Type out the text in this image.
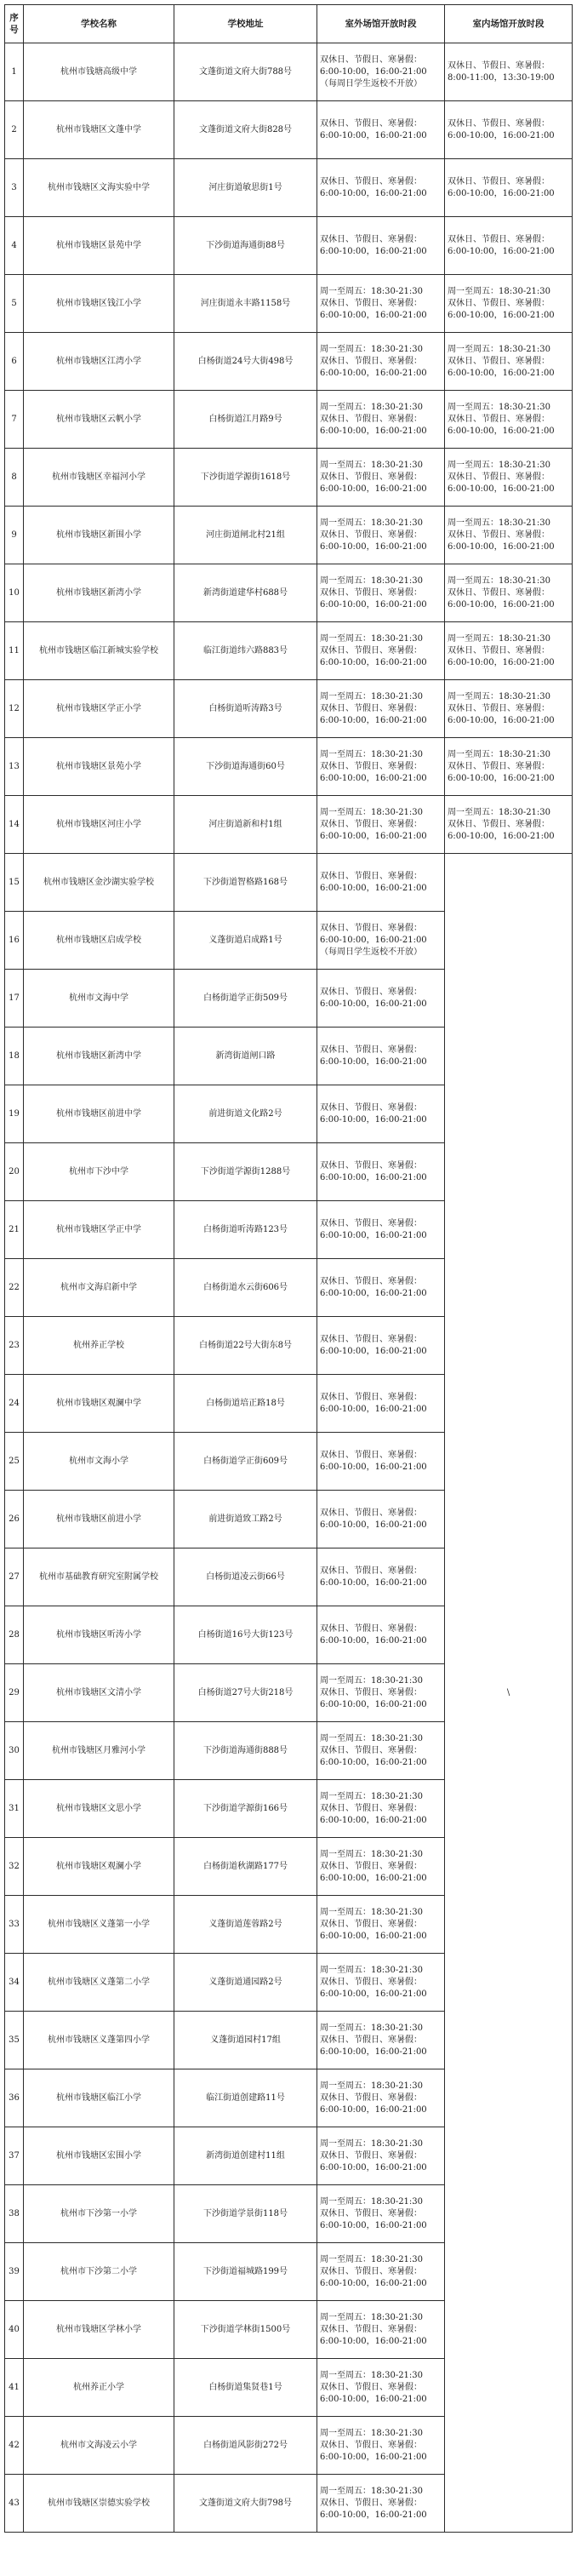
序号	学校名称	学校地址	室外场馆开放时段	室内场馆开放时段
1	杭州市钱塘高级中学	文蓬街道文府大街788号	双休日、节假日、寒暑假：
6:00-10:00，16:00-21:00
（每周日学生返校不开放）	双休日、节假日、寒暑假：
8:00-11:00，13:30-19:00

2	杭州市钱塘区文蓬中学	文蓬街道文府大街828号	双休日、节假日、寒暑假：
6:00-10:00，16:00-21:00	双休日、节假日、寒暑假：
6:00-10:00，16:00-21:00

3	杭州市钱塘区文海实验中学	河庄街道敏思街1号	双休日、节假日、寒暑假：
6:00-10:00，16:00-21:00	双休日、节假日、寒暑假：
6:00-10:00，16:00-21:00

4	杭州市钱塘区景苑中学	下沙街道海通街88号	双休日、节假日、寒暑假：
6:00-10:00，16:00-21:00	双休日、节假日、寒暑假：
6:00-10:00，16:00-21:00

5	杭州市钱塘区钱江小学	河庄街道永丰路1158号	周一至周五：18:30-21:30
双休日、节假日、寒暑假：
6:00-10:00，16:00-21:00	周一至周五：18:30-21:30
双休日、节假日、寒暑假：
6:00-10:00，16:00-21:00

6	杭州市钱塘区江湾小学	白杨街道24号大街498号	周一至周五：18:30-21:30
双休日、节假日、寒暑假：
6:00-10:00，16:00-21:00	周一至周五：18:30-21:30
双休日、节假日、寒暑假：
6:00-10:00，16:00-21:00

7	杭州市钱塘区云帆小学	白杨街道江月路9号	周一至周五：18:30-21:30
双休日、节假日、寒暑假：
6:00-10:00，16:00-21:00	周一至周五：18:30-21:30
双休日、节假日、寒暑假：
6:00-10:00，16:00-21:00

8	杭州市钱塘区幸福河小学	下沙街道学源街1618号	周一至周五：18:30-21:30
双休日、节假日、寒暑假：
6:00-10:00，16:00-21:00	周一至周五：18:30-21:30
双休日、节假日、寒暑假：
6:00-10:00，16:00-21:00

9	杭州市钱塘区新围小学	河庄街道闸北村21组	周一至周五：18:30-21:30
双休日、节假日、寒暑假：
6:00-10:00，16:00-21:00	周一至周五：18:30-21:30
双休日、节假日、寒暑假：
6:00-10:00，16:00-21:00

10	杭州市钱塘区新湾小学	新湾街道建华村688号	周一至周五：18:30-21:30
双休日、节假日、寒暑假：
6:00-10:00，16:00-21:00	周一至周五：18:30-21:30
双休日、节假日、寒暑假：
6:00-10:00，16:00-21:00

11	杭州市钱塘区临江新城实验学校	临江街道纬六路883号	周一至周五：18:30-21:30
双休日、节假日、寒暑假：
6:00-10:00，16:00-21:00	周一至周五：18:30-21:30
双休日、节假日、寒暑假：
6:00-10:00，16:00-21:00

12	杭州市钱塘区学正小学	白杨街道听涛路3号	周一至周五：18:30-21:30
双休日、节假日、寒暑假：
6:00-10:00，16:00-21:00	周一至周五：18:30-21:30
双休日、节假日、寒暑假：
6:00-10:00，16:00-21:00

13	杭州市钱塘区景苑小学	下沙街道海通街60号	周一至周五：18:30-21:30
双休日、节假日、寒暑假：
6:00-10:00，16:00-21:00	周一至周五：18:30-21:30
双休日、节假日、寒暑假：
6:00-10:00，16:00-21:00

14	杭州市钱塘区河庄小学	河庄街道新和村1组	周一至周五：18:30-21:30
双休日、节假日、寒暑假：
6:00-10:00，16:00-21:00	周一至周五：18:30-21:30
双休日、节假日、寒暑假：
6:00-10:00，16:00-21:00

15	杭州市钱塘区金沙湖实验学校	下沙街道智格路168号	双休日、节假日、寒暑假：
6:00-10:00，16:00-21:00	\
16	杭州市钱塘区启成学校	义蓬街道启成路1号	双休日、节假日、寒暑假：
6:00-10:00，16:00-21:00
（每周日学生返校不开放）	

17	杭州市文海中学	白杨街道学正街509号	双休日、节假日、寒暑假：
6:00-10:00，16:00-21:00	

18	杭州市钱塘区新湾中学	新湾街道闸口路	双休日、节假日、寒暑假：
6:00-10:00，16:00-21:00	

19	杭州市钱塘区前进中学	前进街道文化路2号	双休日、节假日、寒暑假：
6:00-10:00，16:00-21:00	

20	杭州市下沙中学	下沙街道学源街1288号	双休日、节假日、寒暑假：
6:00-10:00，16:00-21:00	

21	杭州市钱塘区学正中学	白杨街道听涛路123号	双休日、节假日、寒暑假：
6:00-10:00，16:00-21:00	

22	杭州市文海启新中学	白杨街道水云街606号	双休日、节假日、寒暑假：
6:00-10:00，16:00-21:00	

23	杭州养正学校	白杨街道22号大街东8号	双休日、节假日、寒暑假：
6:00-10:00，16:00-21:00	

24	杭州市钱塘区观澜中学	白杨街道培正路18号	双休日、节假日、寒暑假：
6:00-10:00，16:00-21:00	

25	杭州市文海小学	白杨街道学正街609号	双休日、节假日、寒暑假：
6:00-10:00，16:00-21:00	

26	杭州市钱塘区前进小学	前进街道致工路2号	双休日、节假日、寒暑假：
6:00-10:00，16:00-21:00	

27	杭州市基础教育研究室附属学校	白杨街道凌云街66号	双休日、节假日、寒暑假：
6:00-10:00，16:00-21:00	

28	杭州市钱塘区听涛小学	白杨街道16号大街123号	双休日、节假日、寒暑假：
6:00-10:00，16:00-21:00	

29	杭州市钱塘区文清小学	白杨街道27号大街218号	周一至周五：18:30-21:30
双休日、节假日、寒暑假：
6:00-10:00，16:00-21:00	

30	杭州市钱塘区月雅河小学	下沙街道海通街888号	周一至周五：18:30-21:30
双休日、节假日、寒暑假：
6:00-10:00，16:00-21:00	

31	杭州市钱塘区文思小学	下沙街道学源街166号	周一至周五：18:30-21:30
双休日、节假日、寒暑假：
6:00-10:00，16:00-21:00	

32	杭州市钱塘区观澜小学	白杨街道秋湖路177号	周一至周五：18:30-21:30
双休日、节假日、寒暑假：
6:00-10:00，16:00-21:00	

33	杭州市钱塘区义蓬第一小学	义蓬街道莲蓉路2号	周一至周五：18:30-21:30
双休日、节假日、寒暑假：
6:00-10:00，16:00-21:00	

34	杭州市钱塘区义蓬第二小学	义蓬街道通园路2号	周一至周五：18:30-21:30
双休日、节假日、寒暑假：
6:00-10:00，16:00-21:00	

35	杭州市钱塘区义蓬第四小学	义蓬街道园村17组	周一至周五：18:30-21:30
双休日、节假日、寒暑假：
6:00-10:00，16:00-21:00	

36	杭州市钱塘区临江小学	临江街道创建路11号	周一至周五：18:30-21:30
双休日、节假日、寒暑假：
6:00-10:00，16:00-21:00	

37	杭州市钱塘区宏围小学	新湾街道创建村11组	周一至周五：18:30-21:30
双休日、节假日、寒暑假：
6:00-10:00，16:00-21:00	

38	杭州市下沙第一小学	下沙街道学景街118号	周一至周五：18:30-21:30
双休日、节假日、寒暑假：
6:00-10:00，16:00-21:00	

39	杭州市下沙第二小学	下沙街道福城路199号	周一至周五：18:30-21:30
双休日、节假日、寒暑假：
6:00-10:00，16:00-21:00	

40	杭州市钱塘区学林小学	下沙街道学林街1500号	周一至周五：18:30-21:30
双休日、节假日、寒暑假：
6:00-10:00，16:00-21:00	

41	杭州养正小学	白杨街道集贤巷1号	周一至周五：18:30-21:30
双休日、节假日、寒暑假：
6:00-10:00，16:00-21:00	

42	杭州市文海凌云小学	白杨街道风影街272号	周一至周五：18:30-21:30
双休日、节假日、寒暑假：
6:00-10:00，16:00-21:00	

43	杭州市钱塘区崇德实验学校	文蓬街道文府大街798号	周一至周五：18:30-21:30
双休日、节假日、寒暑假：
6:00-10:00，16:00-21:00	
